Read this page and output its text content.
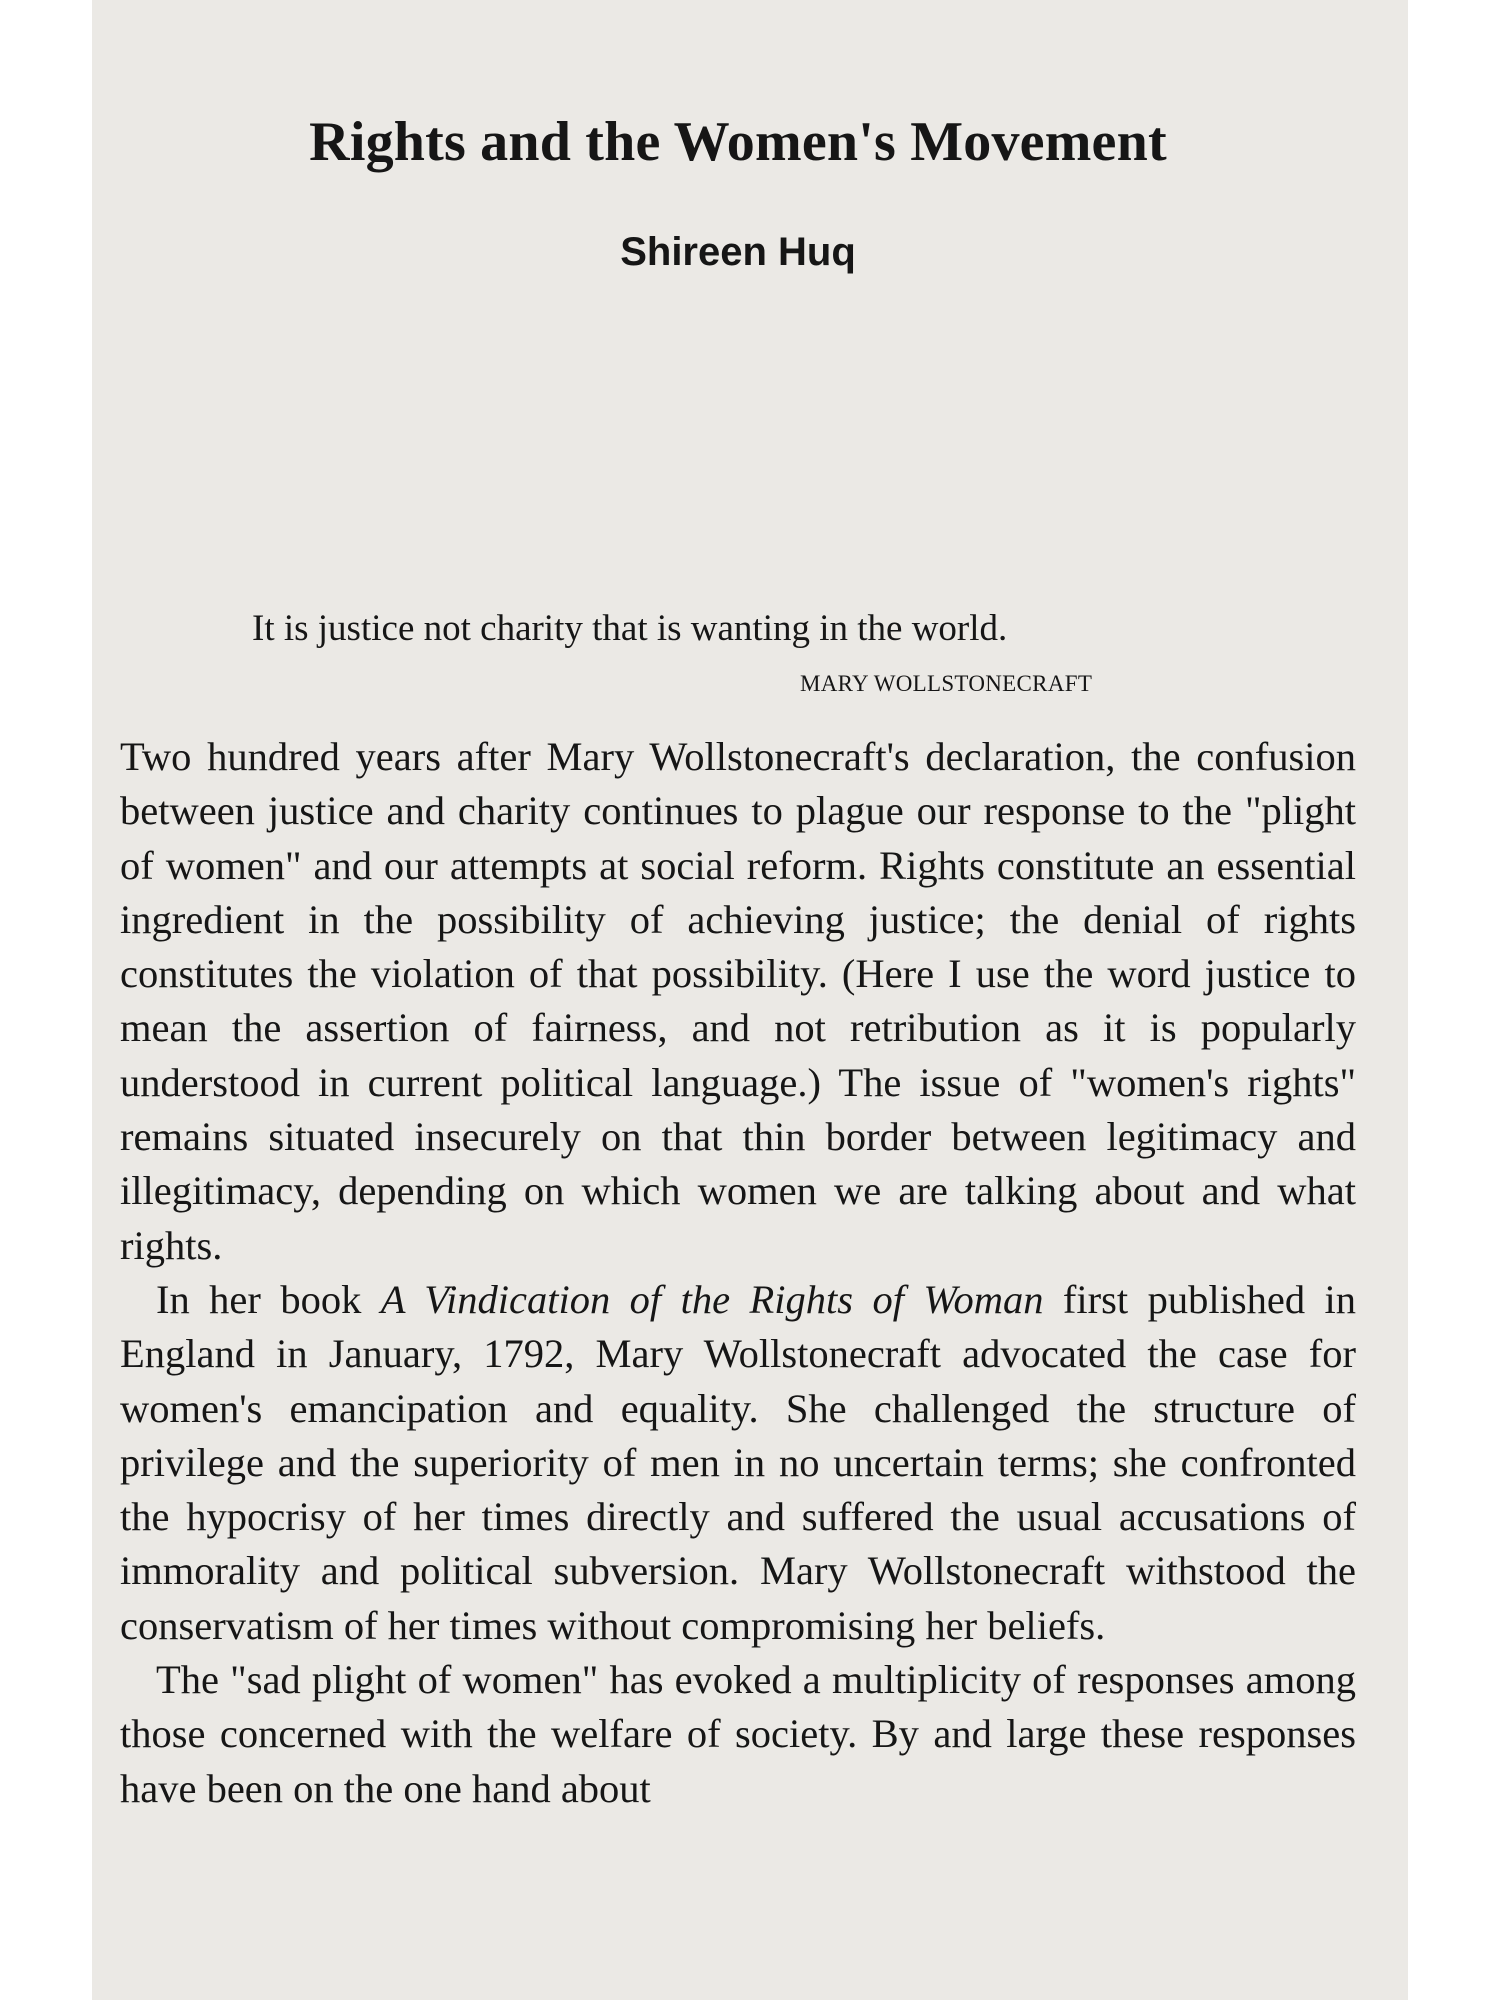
Rights and the Women's Movement
Shireen Huq
It is justice not charity that is wanting in the world.
MARY WOLLSTONECRAFT

Two hundred years after Mary Wollstonecraft's declaration, the confusion between justice and charity continues to plague our response to the "plight of women" and our attempts at social reform. Rights constitute an essential ingredient in the possibility of achieving justice; the denial of rights constitutes the violation of that possibility. (Here I use the word justice to mean the assertion of fairness, and not retribution as it is popularly understood in current political language.) The issue of "women's rights" remains situated insecurely on that thin border between legitimacy and illegitimacy, depending on which women we are talking about and what rights.

In her book A Vindication of the Rights of Woman first published in England in January, 1792, Mary Wollstonecraft advocated the case for women's emancipation and equality. She challenged the structure of privilege and the superiority of men in no uncertain terms; she confronted the hypocrisy of her times directly and suffered the usual accusations of immorality and political subversion. Mary Wollstonecraft withstood the conservatism of her times without compromising her beliefs.

The "sad plight of women" has evoked a multiplicity of responses among those concerned with the welfare of society. By and large these responses have been on the one hand about
